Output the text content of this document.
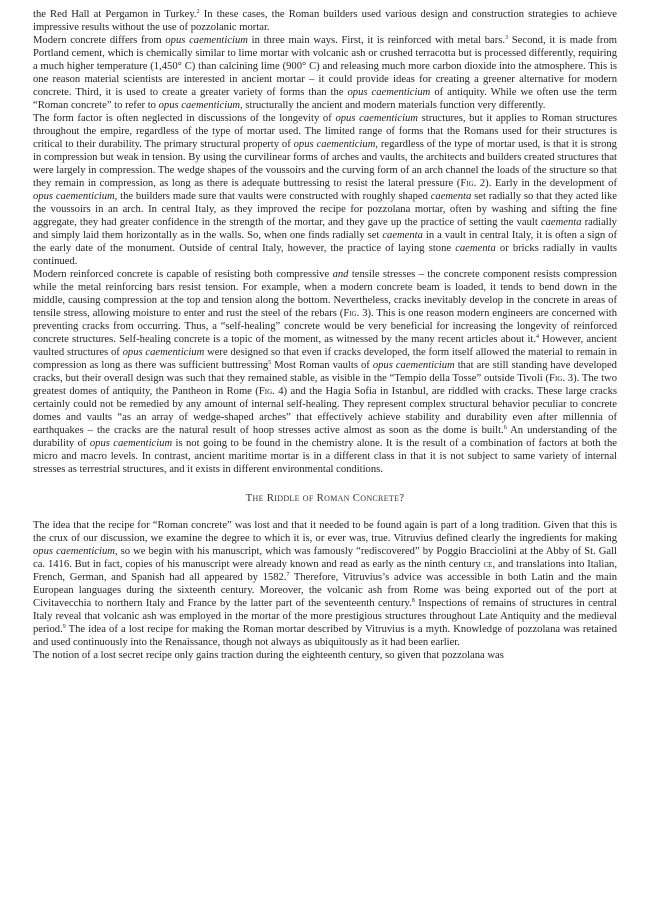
the Red Hall at Pergamon in Turkey.$^2$ In these cases, the Roman builders used various design and construction strategies to achieve impressive results without the use of pozzolanic mortar.

Modern concrete differs from opus caementicium in three main ways. First, it is reinforced with metal bars.$^3$ Second, it is made from Portland cement, which is chemically similar to lime mortar with volcanic ash or crushed terracotta but is processed differently, requiring a much higher temperature (1,450° C) than calcining lime (900° C) and releasing much more carbon dioxide into the atmosphere. This is one reason material scientists are interested in ancient mortar – it could provide ideas for creating a greener alternative for modern concrete. Third, it is used to create a greater variety of forms than the opus caementicium of antiquity. While we often use the term “Roman concrete” to refer to opus caementicium, structurally the ancient and modern materials function very differently.

The form factor is often neglected in discussions of the longevity of opus caementicium structures, but it applies to Roman structures throughout the empire, regardless of the type of mortar used. The limited range of forms that the Romans used for their structures is critical to their durability. The primary structural property of opus caementicium, regardless of the type of mortar used, is that it is strong in compression but weak in tension. By using the curvilinear forms of arches and vaults, the architects and builders created structures that were largely in compression. The wedge shapes of the voussoirs and the curving form of an arch channel the loads of the structure so that they remain in compression, as long as there is adequate buttressing to resist the lateral pressure (Fig. 2). Early in the development of opus caementicium, the builders made sure that vaults were constructed with roughly shaped caementa set radially so that they acted like the voussoirs in an arch. In central Italy, as they improved the recipe for pozzolana mortar, often by washing and sifting the fine aggregate, they had greater confidence in the strength of the mortar, and they gave up the practice of setting the vault caementa radially and simply laid them horizontally as in the walls. So, when one finds radially set caementa in a vault in central Italy, it is often a sign of the early date of the monument. Outside of central Italy, however, the practice of laying stone caementa or bricks radially in vaults continued.

Modern reinforced concrete is capable of resisting both compressive and tensile stresses – the concrete component resists compression while the metal reinforcing bars resist tension. For example, when a modern concrete beam is loaded, it tends to bend down in the middle, causing compression at the top and tension along the bottom. Nevertheless, cracks inevitably develop in the concrete in areas of tensile stress, allowing moisture to enter and rust the steel of the rebars (Fig. 3). This is one reason modern engineers are concerned with preventing cracks from occurring. Thus, a “self-healing” concrete would be very beneficial for increasing the longevity of reinforced concrete structures. Self-healing concrete is a topic of the moment, as witnessed by the many recent articles about it.$^4$ However, ancient vaulted structures of opus caementicium were designed so that even if cracks developed, the form itself allowed the material to remain in compression as long as there was sufficient buttressing$^5$ Most Roman vaults of opus caementicium that are still standing have developed cracks, but their overall design was such that they remained stable, as visible in the “Tempio della Tosse” outside Tivoli (Fig. 3). The two greatest domes of antiquity, the Pantheon in Rome (Fig. 4) and the Hagia Sofia in Istanbul, are riddled with cracks. These large cracks certainly could not be remedied by any amount of internal self-healing. They represent complex structural behavior peculiar to concrete domes and vaults “as an array of wedge-shaped arches” that effectively achieve stability and durability even after millennia of earthquakes – the cracks are the natural result of hoop stresses active almost as soon as the dome is built.$^6$ An understanding of the durability of opus caementicium is not going to be found in the chemistry alone. It is the result of a combination of factors at both the micro and macro levels. In contrast, ancient maritime mortar is in a different class in that it is not subject to same variety of internal stresses as terrestrial structures, and it exists in different environmental conditions.

The Riddle of Roman Concrete?

The idea that the recipe for “Roman concrete” was lost and that it needed to be found again is part of a long tradition. Given that this is the crux of our discussion, we examine the degree to which it is, or ever was, true. Vitruvius defined clearly the ingredients for making opus caementicium, so we begin with his manuscript, which was famously “rediscovered” by Poggio Bracciolini at the Abby of St. Gall ca. 1416. But in fact, copies of his manuscript were already known and read as early as the ninth century ce, and translations into Italian, French, German, and Spanish had all appeared by 1582.$^7$ Therefore, Vitruvius’s advice was accessible in both Latin and the main European languages during the sixteenth century. Moreover, the volcanic ash from Rome was being exported out of the port at Civitavecchia to northern Italy and France by the latter part of the seventeenth century.$^8$ Inspections of remains of structures in central Italy reveal that volcanic ash was employed in the mortar of the more prestigious structures throughout Late Antiquity and the medieval period.$^9$ The idea of a lost recipe for making the Roman mortar described by Vitruvius is a myth. Knowledge of pozzolana was retained and used continuously into the Renaissance, though not always as ubiquitously as it had been earlier.

The notion of a lost secret recipe only gains traction during the eighteenth century, so given that pozzolana was
